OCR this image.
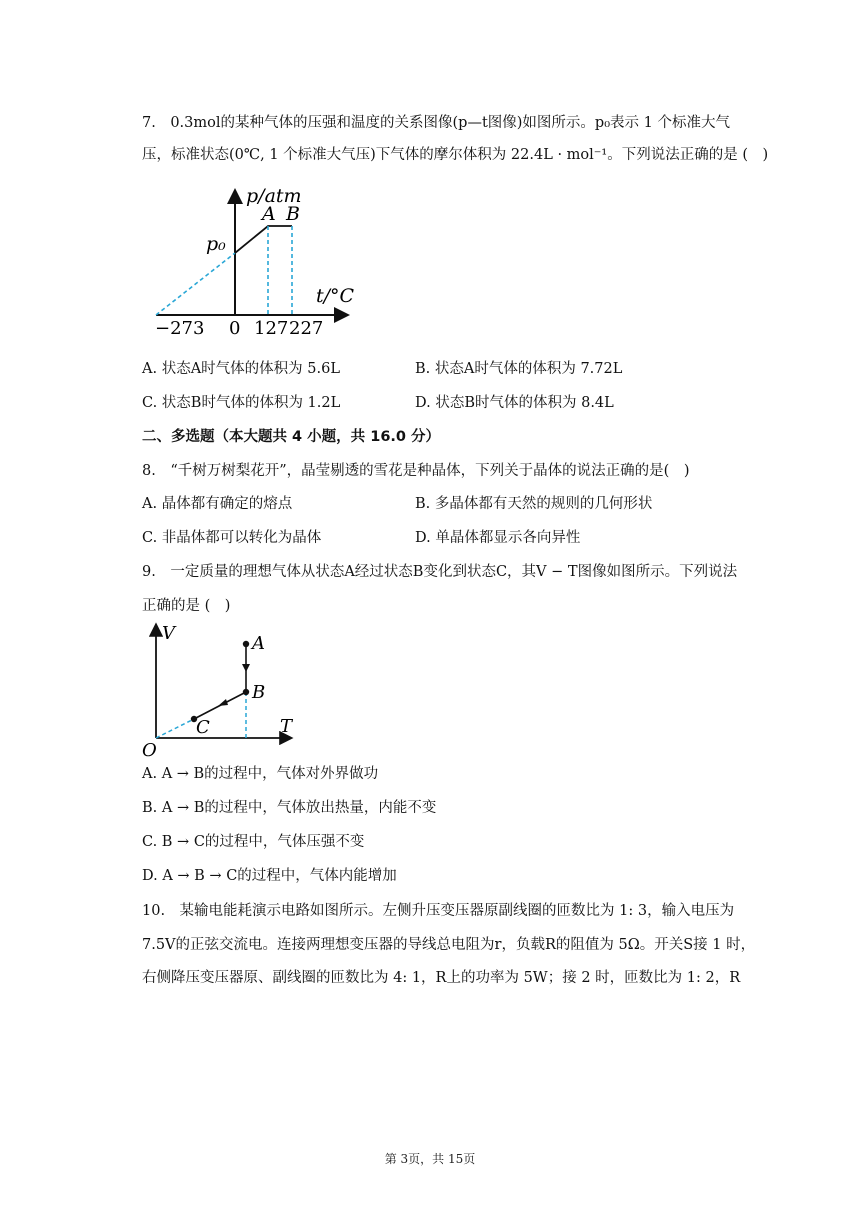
7.　0.3mol的某种气体的压强和温度的关系图像(p—t图像)如图所示。p₀表示 1 个标准大气
压，标准状态(0℃, 1 个标准大气压)下气体的摩尔体积为 22.4L · mol⁻¹。下列说法正确的是 (　)
p/atm
t/°C
p₀
A B
−273 0 127 227
A. 状态A时气体的体积为 5.6L	B. 状态A时气体的体积为 7.72L
C. 状态B时气体的体积为 1.2L	D. 状态B时气体的体积为 8.4L
二、多选题（本大题共 4 小题，共 16.0 分）
8.　“千树万树梨花开”，晶莹剔透的雪花是种晶体，下列关于晶体的说法正确的是(　)
A. 晶体都有确定的熔点	B. 多晶体都有天然的规则的几何形状
C. 非晶体都可以转化为晶体	D. 单晶体都显示各向异性
9.　一定质量的理想气体从状态A经过状态B变化到状态C，其V − T图像如图所示。下列说法
正确的是 (　)
V
T
O
A
B
C
A. A → B的过程中，气体对外界做功
B. A → B的过程中，气体放出热量，内能不变
C. B → C的过程中，气体压强不变
D. A → B → C的过程中，气体内能增加
10.　某输电能耗演示电路如图所示。左侧升压变压器原副线圈的匝数比为 1: 3，输入电压为
7.5V的正弦交流电。连接两理想变压器的导线总电阻为r，负载R的阻值为 5Ω。开关S接 1 时，
右侧降压变压器原、副线圈的匝数比为 4: 1，R上的功率为 5W；接 2 时，匝数比为 1: 2，R
第 3页，共 15页
